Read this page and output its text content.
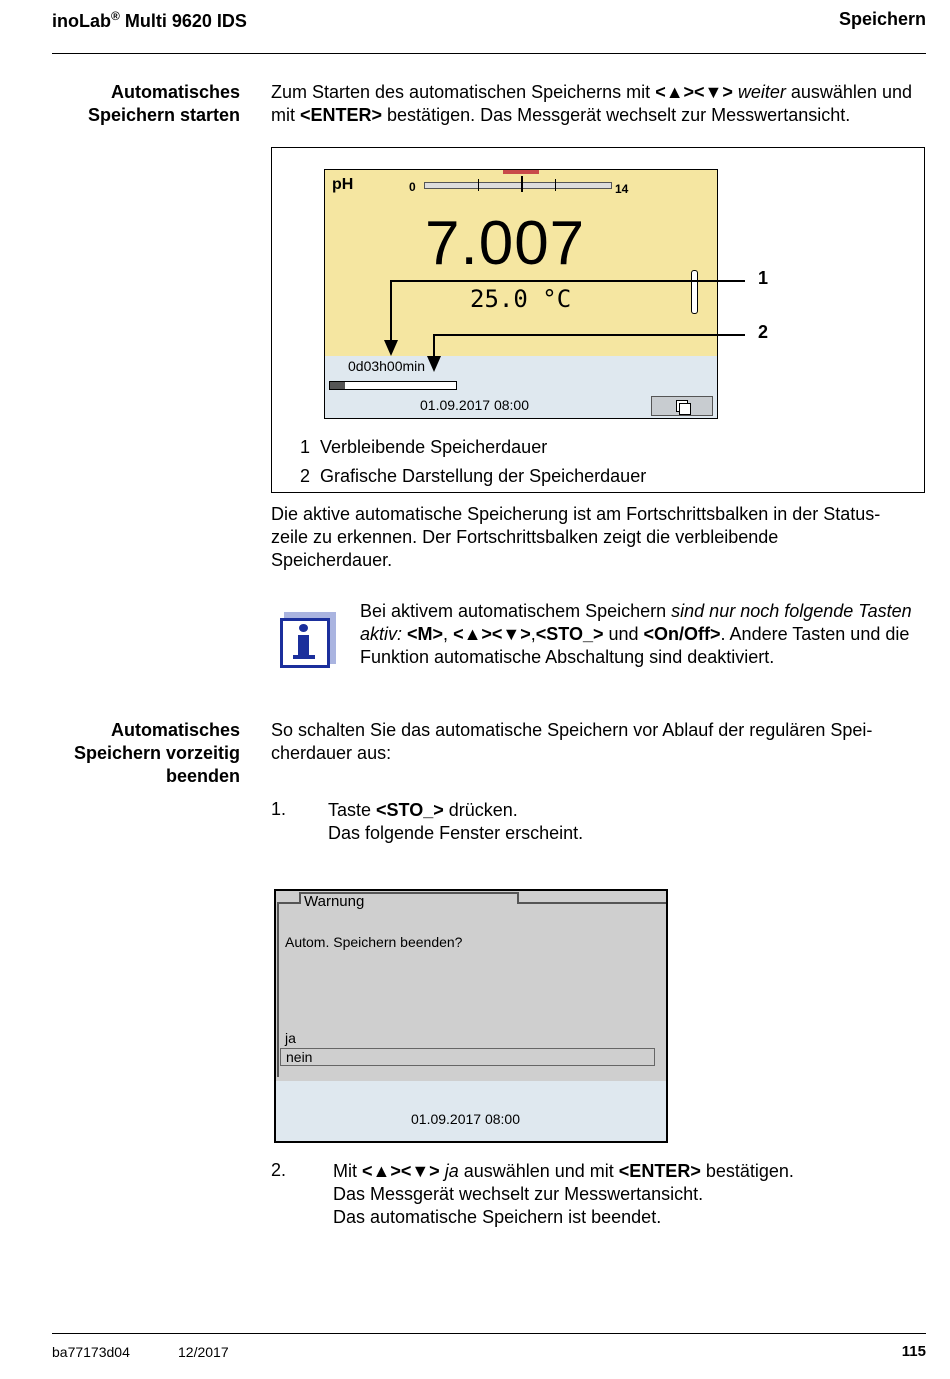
inoLab® Multi 9620 IDS	Speichern
Automatisches
Speichern starten
Zum Starten des automatischen Speicherns mit <▲><▼> weiter auswählen und mit <ENTER> bestätigen. Das Messgerät wechselt zur Messwertansicht.
pH	0	14
7.007
25.0 °C
0d03h00min
01.09.2017 08:00
1
2
1 Verbleibende Speicherdauer
2 Grafische Darstellung der Speicherdauer
Die aktive automatische Speicherung ist am Fortschrittsbalken in der Status-
zeile zu erkennen. Der Fortschrittsbalken zeigt die verbleibende
Speicherdauer.
Bei aktivem automatischem Speichern sind nur noch folgende Tasten aktiv: <M>, <▲><▼>,<STO_> und <On/Off>. Andere Tasten und die Funktion automatische Abschaltung sind deaktiviert.
Automatisches
Speichern vorzeitig
beenden
So schalten Sie das automatische Speichern vor Ablauf der regulären Spei-
cherdauer aus:
1. Taste <STO_> drücken.
Das folgende Fenster erscheint.
Warnung
Autom. Speichern beenden?
ja
nein
01.09.2017 08:00
2.	Mit <▲><▼> ja auswählen und mit <ENTER> bestätigen.
Das Messgerät wechselt zur Messwertansicht.
Das automatische Speichern ist beendet.
ba77173d04	12/2017	115
